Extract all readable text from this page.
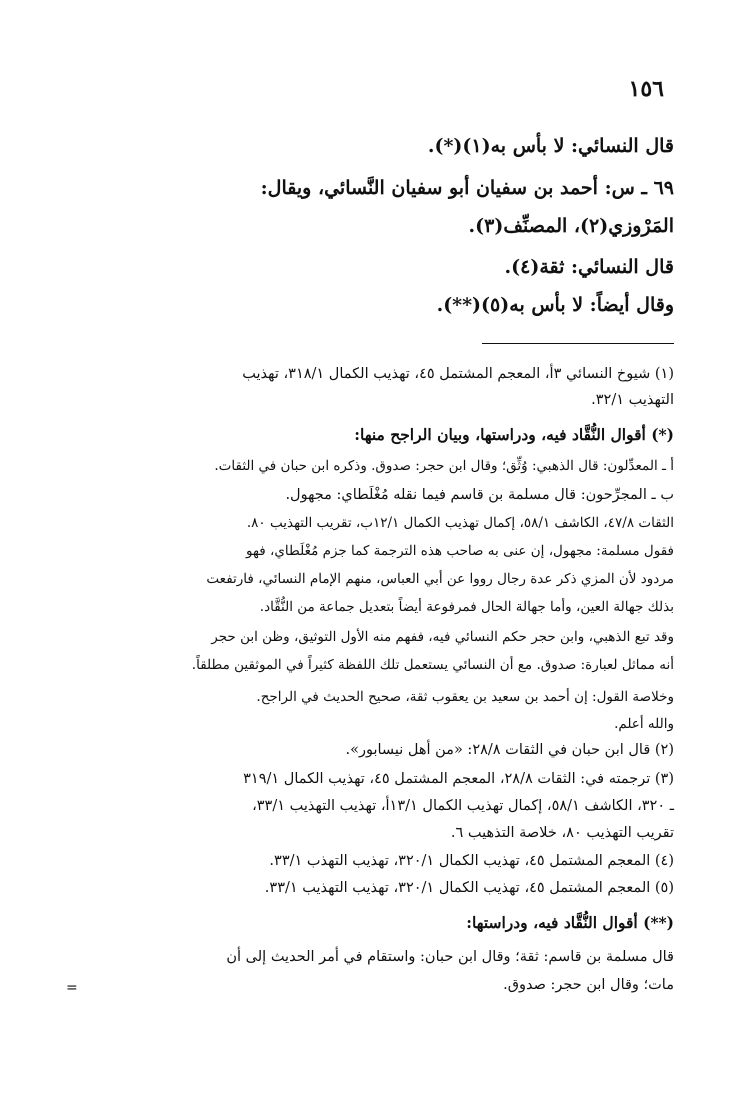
١٥٦
قال النسائي: لا بأس به(١)(*).
٦٩ ـ س: أحمد بن سفيان أبو سفيان النَّسائي، ويقال:
المَرْوزي(٢)، المصنِّف(٣).
قال النسائي: ثقة(٤).
وقال أيضاً: لا بأس به(٥)(**).
(١) شيوخ النسائي ٣أ، المعجم المشتمل ٤٥، تهذيب الكمال ٣١٨/١، تهذيب
التهذيب ٣٢/١.
(*) أقوال النُّقَّاد فيه، ودراستها، وبيان الراجح منها:
أ ـ المعدِّلون: قال الذهبي: وُثِّق؛ وقال ابن حجر: صدوق. وذكره ابن حبان في الثقات.
ب ـ المجرِّحون: قال مسلمة بن قاسم فيما نقله مُغْلَطاي: مجهول.
الثقات ٤٧/٨، الكاشف ٥٨/١، إكمال تهذيب الكمال ١٢/١ب، تقريب التهذيب ٨٠.
فقول مسلمة: مجهول، إن عنى به صاحب هذه الترجمة كما جزم مُغْلَطاي، فهو
مردود لأن المزي ذكر عدة رجال رووا عن أبي العباس، منهم الإمام النسائي، فارتفعت
بذلك جهالة العين، وأما جهالة الحال فمرفوعة أيضاً بتعديل جماعة من النُّقَّاد.
وقد تبع الذهبي، وابن حجر حكم النسائي فيه، ففهم منه الأول التوثيق، وظن ابن حجر
أنه مماثل لعبارة: صدوق. مع أن النسائي يستعمل تلك اللفظة كثيراً في الموثقين مطلقاً.
وخلاصة القول: إن أحمد بن سعيد بن يعقوب ثقة، صحيح الحديث في الراجح.
والله أعلم.
(٢) قال ابن حبان في الثقات ٢٨/٨: «من أهل نيسابور».
(٣) ترجمته في: الثقات ٢٨/٨، المعجم المشتمل ٤٥، تهذيب الكمال ٣١٩/١
ـ ٣٢٠، الكاشف ٥٨/١، إكمال تهذيب الكمال ١٣/١أ، تهذيب التهذيب ٣٣/١،
تقريب التهذيب ٨٠، خلاصة التذهيب ٦.
(٤) المعجم المشتمل ٤٥، تهذيب الكمال ٣٢٠/١، تهذيب التهذب ٣٣/١.
(٥) المعجم المشتمل ٤٥، تهذيب الكمال ٣٢٠/١، تهذيب التهذيب ٣٣/١.
(**) أقوال النُّقَّاد فيه، ودراستها:
قال مسلمة بن قاسم: ثقة؛ وقال ابن حبان: واستقام في أمر الحديث إلى أن
مات؛ وقال ابن حجر: صدوق.
=
